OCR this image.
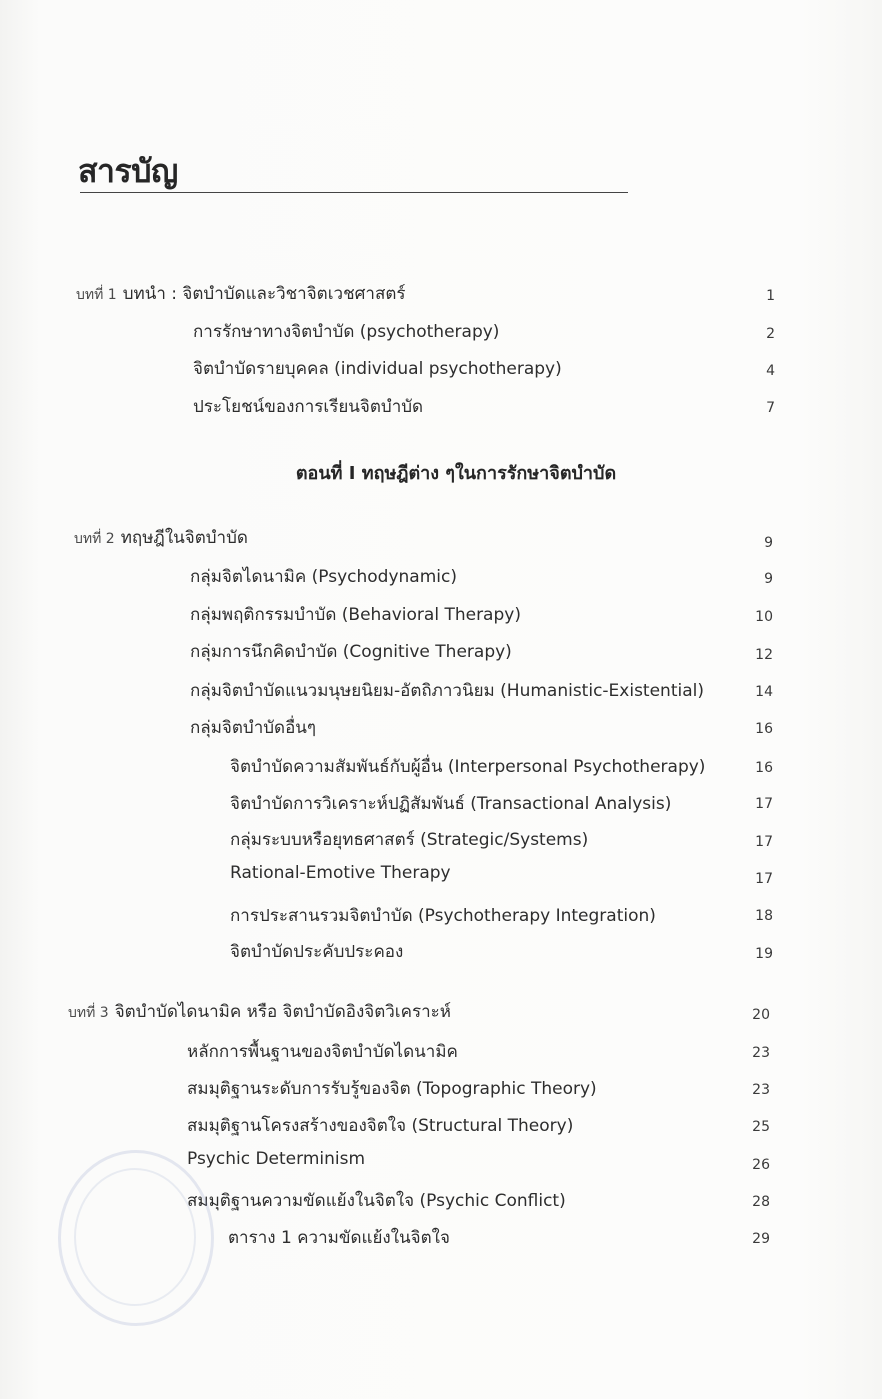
สารบัญ
บทที่ 1 บทนำ : จิตบำบัดและวิชาจิตเวชศาสตร์	1
การรักษาทางจิตบำบัด (psychotherapy)	2
จิตบำบัดรายบุคคล (individual psychotherapy)	4
ประโยชน์ของการเรียนจิตบำบัด	7
ตอนที่ I ทฤษฎีต่าง ๆในการรักษาจิตบำบัด
บทที่ 2 ทฤษฎีในจิตบำบัด	9
กลุ่มจิตไดนามิค (Psychodynamic)	9
กลุ่มพฤติกรรมบำบัด (Behavioral Therapy)	10
กลุ่มการนึกคิดบำบัด (Cognitive Therapy)	12
กลุ่มจิตบำบัดแนวมนุษยนิยม-อัตถิภาวนิยม (Humanistic-Existential)	14
กลุ่มจิตบำบัดอื่นๆ	16
จิตบำบัดความสัมพันธ์กับผู้อื่น (Interpersonal Psychotherapy)	16
จิตบำบัดการวิเคราะห์ปฏิสัมพันธ์ (Transactional Analysis)	17
กลุ่มระบบหรือยุทธศาสตร์ (Strategic/Systems)	17
Rational-Emotive Therapy	17
การประสานรวมจิตบำบัด (Psychotherapy Integration)	18
จิตบำบัดประคับประคอง	19
บทที่ 3 จิตบำบัดไดนามิค หรือ จิตบำบัดอิงจิตวิเคราะห์	20
หลักการพื้นฐานของจิตบำบัดไดนามิค	23
สมมุติฐานระดับการรับรู้ของจิต (Topographic Theory)	23
สมมุติฐานโครงสร้างของจิตใจ (Structural Theory)	25
Psychic Determinism	26
สมมุติฐานความขัดแย้งในจิตใจ (Psychic Conflict)	28
ตาราง 1 ความขัดแย้งในจิตใจ	29
